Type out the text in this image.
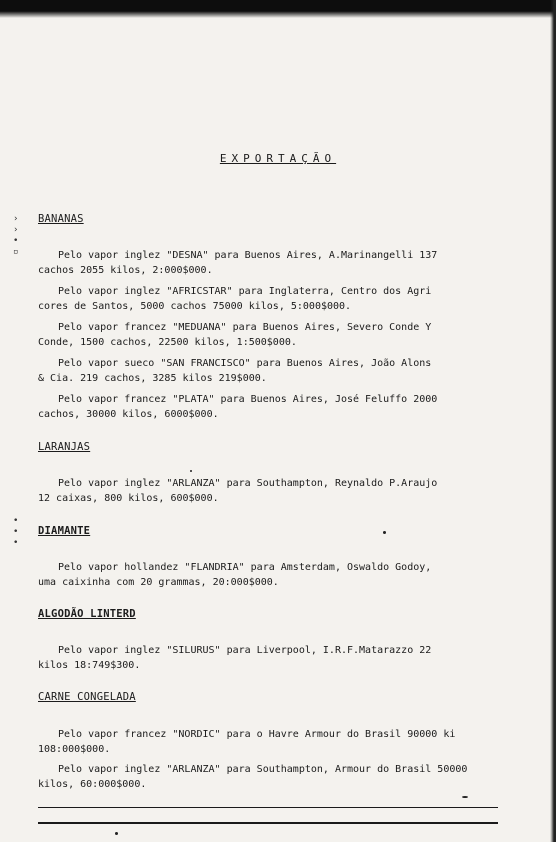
EXPORTAÇÃO
›
›
•
▫
•
•
•
BANANAS
Pelo vapor inglez "DESNA" para Buenos Aires, A.Marinangelli 137
cachos 2055 kilos, 2:000$000.
Pelo vapor inglez "AFRICSTAR" para Inglaterra, Centro dos Agri
cores de Santos, 5000 cachos 75000 kilos, 5:000$000.
Pelo vapor francez "MEDUANA" para Buenos Aires, Severo Conde Y
Conde, 1500 cachos, 22500 kilos, 1:500$000.
Pelo vapor sueco "SAN FRANCISCO" para Buenos Aires, João Alons
& Cia. 219 cachos, 3285 kilos 219$000.
Pelo vapor francez "PLATA" para Buenos Aires, José Feluffo 2000
cachos, 30000 kilos, 6000$000.
LARANJAS
Pelo vapor inglez "ARLANZA" para Southampton, Reynaldo P.Araujo
12 caixas, 800 kilos, 600$000.
DIAMANTE
Pelo vapor hollandez "FLANDRIA" para Amsterdam, Oswaldo Godoy,
uma caixinha com 20 grammas, 20:000$000.
ALGODÃO LINTERD
Pelo vapor inglez "SILURUS" para Liverpool, I.R.F.Matarazzo 22
kilos 18:749$300.
CARNE CONGELADA
Pelo vapor francez "NORDIC" para o Havre Armour do Brasil 90000 ki
108:000$000.
Pelo vapor inglez "ARLANZA" para Southampton, Armour do Brasil 50000
kilos, 60:000$000.
